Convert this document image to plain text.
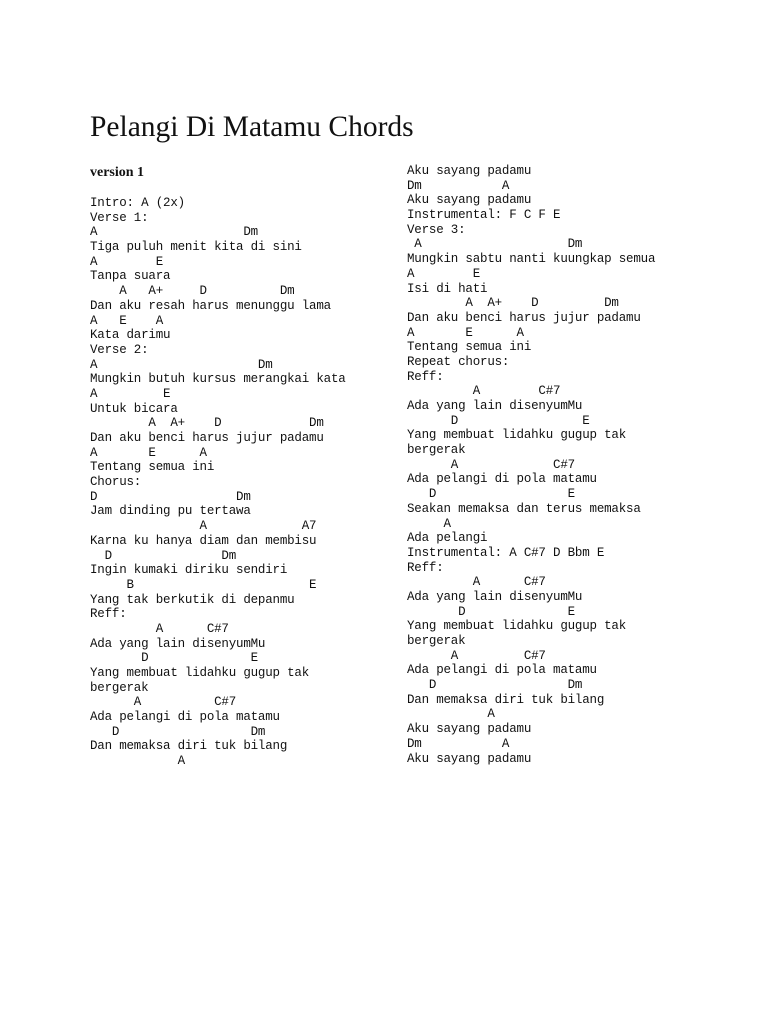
Pelangi Di Matamu Chords
version 1
Intro: A (2x)
Verse 1:
A                    Dm
Tiga puluh menit kita di sini
A        E
Tanpa suara
A   A+     D          Dm
Dan aku resah harus menunggu lama
A   E    A
Kata darimu
Verse 2:
A                      Dm
Mungkin butuh kursus merangkai kata
A         E
Untuk bicara
A  A+    D            Dm
Dan aku benci harus jujur padamu
A       E      A
Tentang semua ini
Chorus:
D                   Dm
Jam dinding pu tertawa
A             A7
Karna ku hanya diam dan membisu
D               Dm
Ingin kumaki diriku sendiri
B                        E
Yang tak berkutik di depanmu
Reff:
A      C#7
Ada yang lain disenyumMu
D              E
Yang membuat lidahku gugup tak
bergerak
A          C#7
Ada pelangi di pola matamu
D                  Dm
Dan memaksa diri tuk bilang
A
Aku sayang padamu
Dm           A
Aku sayang padamu
Instrumental: F C F E
Verse 3:
A                    Dm
Mungkin sabtu nanti kuungkap semua
A        E
Isi di hati
A  A+    D         Dm
Dan aku benci harus jujur padamu
A       E      A
Tentang semua ini
Repeat chorus:
Reff:
A        C#7
Ada yang lain disenyumMu
D                 E
Yang membuat lidahku gugup tak
bergerak
A             C#7
Ada pelangi di pola matamu
D                  E
Seakan memaksa dan terus memaksa
A
Ada pelangi
Instrumental: A C#7 D Bbm E
Reff:
A      C#7
Ada yang lain disenyumMu
D              E
Yang membuat lidahku gugup tak
bergerak
A         C#7
Ada pelangi di pola matamu
D                  Dm
Dan memaksa diri tuk bilang
A
Aku sayang padamu
Dm           A
Aku sayang padamu
